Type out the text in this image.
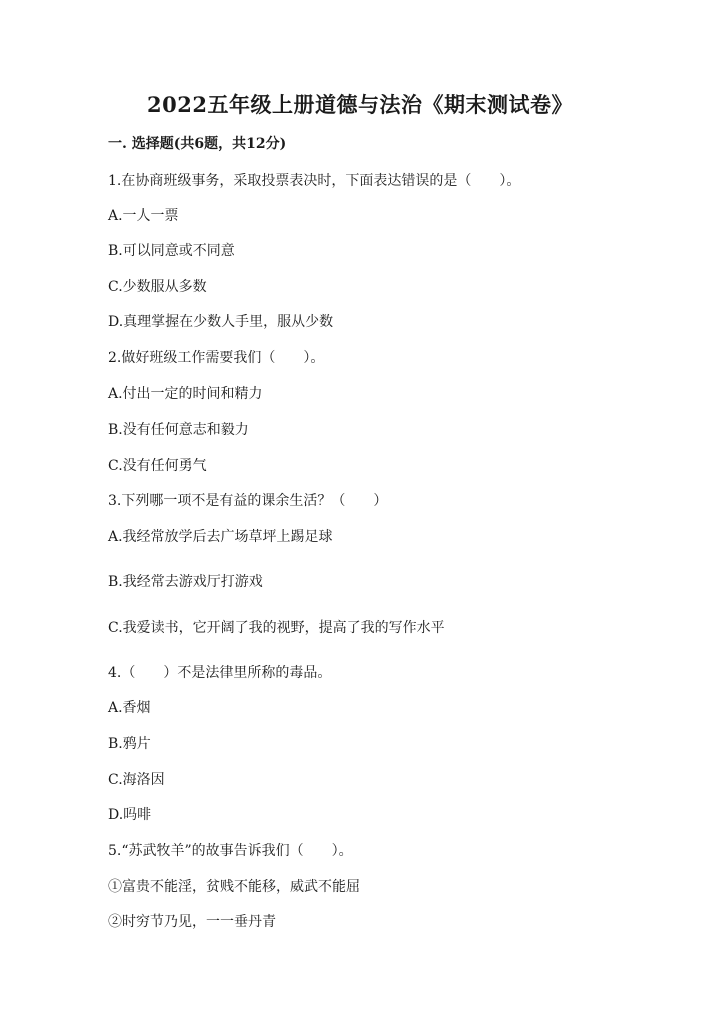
2022五年级上册道德与法治《期末测试卷》
一. 选择题(共6题，共12分)
1.在协商班级事务，采取投票表决时，下面表达错误的是（　　）。
A.一人一票
B.可以同意或不同意
C.少数服从多数
D.真理掌握在少数人手里，服从少数
2.做好班级工作需要我们（　　）。
A.付出一定的时间和精力
B.没有任何意志和毅力
C.没有任何勇气
3.下列哪一项不是有益的课余生活？（　　）
A.我经常放学后去广场草坪上踢足球
B.我经常去游戏厅打游戏
C.我爱读书，它开阔了我的视野，提高了我的写作水平
4.（　　）不是法律里所称的毒品。
A.香烟
B.鸦片
C.海洛因
D.吗啡
5.“苏武牧羊”的故事告诉我们（　　）。
①富贵不能淫，贫贱不能移，威武不能屈
②时穷节乃见，一一垂丹青
